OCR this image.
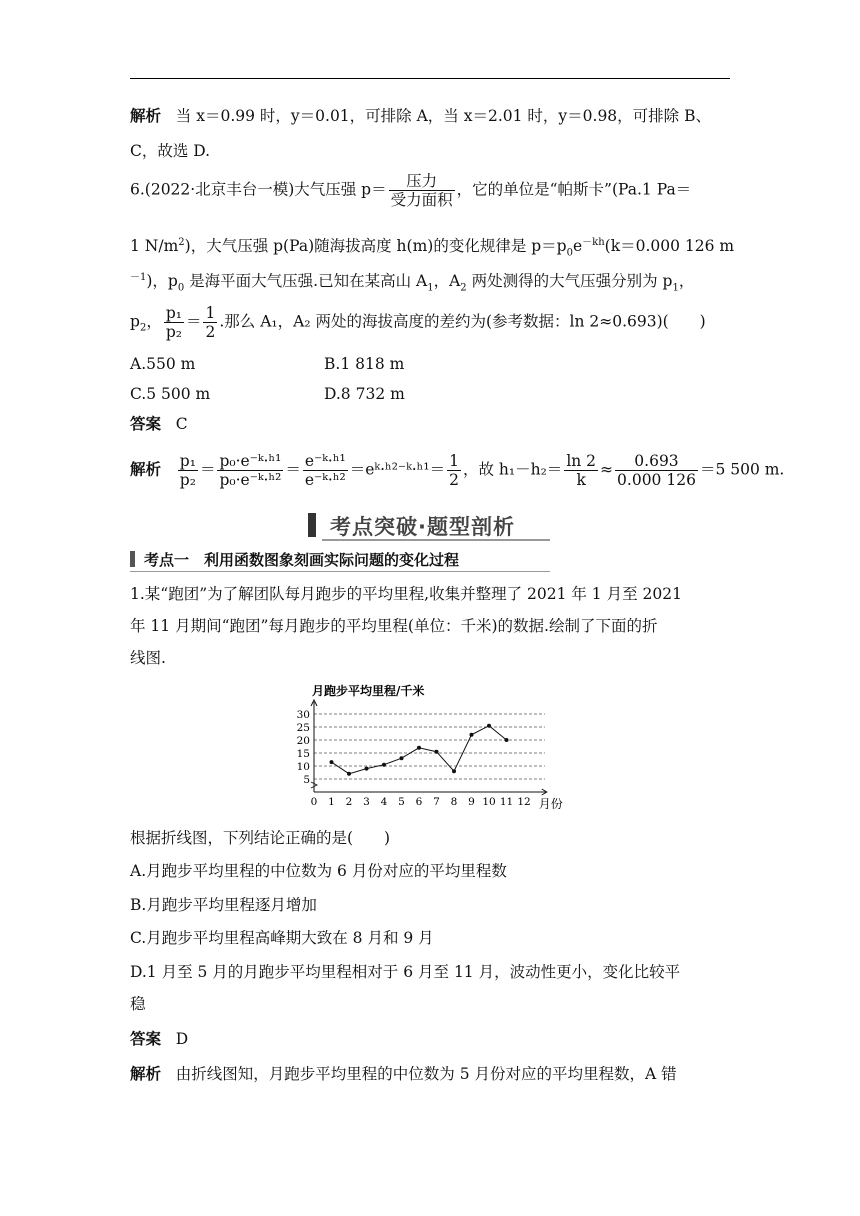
解析 当 x＝0.99 时，y＝0.01，可排除 A，当 x＝2.01 时，y＝0.98，可排除 B、
C，故选 D.
6.(2022·北京丰台一模)大气压强 $p= \frac{\text{压力}}{\text{受力面积}}$ ，它的单位是“帕斯卡”(Pa.1 Pa＝
1 $N/m^2$)，大气压强 p(Pa)随海拔高度 h(m)的变化规律是 $p=p_0e^{-kh}(k=0.000$ 126 m
$^{-1}$)，$p_0$ 是海平面大气压强.已知在某高山 $A_1$，$A_2$ 两处测得的大气压强分别为 $p_1$，
$p_2$， $\frac{\text{p₁}}{\text{p₂}} = \frac{1}{2}$ .那么 A₁，A₂ 两处的海拔高度的差约为(参考数据：ln 2≈0.693)(　　)
A.550 m	B.1 818 m
C.5 500 m	D.8 732 m
答案 C
解析 $\frac{\text{p₁}}{\text{p₂}} = \frac{\text{p₀·e⁻ᵏ·ʰ¹}}{\text{p₀·e⁻ᵏ·ʰ²}} = \frac{\text{e⁻ᵏ·ʰ¹}}{\text{e⁻ᵏ·ʰ²}}$ ＝eᵏ·ʰ²⁻ᵏ·ʰ¹＝ $\frac{1}{2}$ ，故 $h_1-h_2= \frac{\ln 2}{k} \approx \frac{0.693}{0.000 126} =5$ 500 m.
考点突破·题型剖析
考点一　利用函数图象刻画实际问题的变化过程
1.某“跑团”为了解团队每月跑步的平均里程,收集并整理了 2021 年 1 月至 2021
年 11 月期间“跑团”每月跑步的平均里程(单位：千米)的数据.绘制了下面的折
线图.
月跑步平均里程/千米
5
10
15
20
25
30
0 1 2 3 4 5 6 7 8 9 10 11 12 月份
根据折线图，下列结论正确的是(　　)
A.月跑步平均里程的中位数为 6 月份对应的平均里程数
B.月跑步平均里程逐月增加
C.月跑步平均里程高峰期大致在 8 月和 9 月
D.1 月至 5 月的月跑步平均里程相对于 6 月至 11 月，波动性更小，变化比较平
稳
答案 D
解析 由折线图知，月跑步平均里程的中位数为 5 月份对应的平均里程数，A 错
